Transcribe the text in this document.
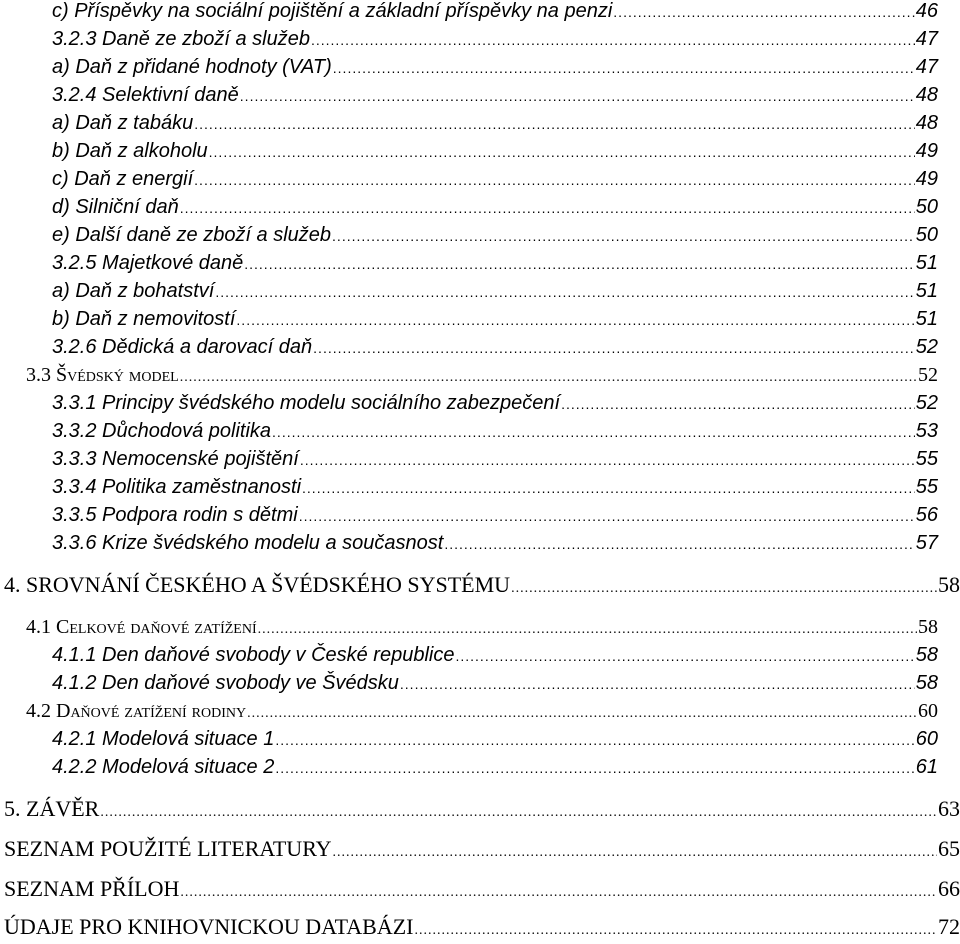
c) Příspěvky na sociální pojištění a základní příspěvky na penzi .....	46
3.2.3 Daně ze zboží a služeb .....	47
a) Daň z přidané hodnoty (VAT) .....	47
3.2.4 Selektivní daně .....	48
a) Daň z tabáku .....	48
b) Daň z alkoholu .....	49
c) Daň z energií .....	49
d) Silniční daň .....	50
e) Další daně ze zboží a služeb .....	50
3.2.5 Majetkové daně .....	51
a) Daň z bohatství .....	51
b) Daň z nemovitostí .....	51
3.2.6 Dědická a darovací daň .....	52
3.3 Švédský model .....	52
3.3.1 Principy švédského modelu sociálního zabezpečení .....	52
3.3.2 Důchodová politika .....	53
3.3.3 Nemocenské pojištění .....	55
3.3.4 Politika zaměstnanosti .....	55
3.3.5 Podpora rodin s dětmi .....	56
3.3.6 Krize švédského modelu a současnost .....	57
4. SROVNÁNÍ ČESKÉHO A ŠVÉDSKÉHO SYSTÉMU .....	58
4.1 Celkové daňové zatížení .....	58
4.1.1 Den daňové svobody v České republice .....	58
4.1.2 Den daňové svobody ve Švédsku .....	58
4.2 Daňové zatížení rodiny .....	60
4.2.1 Modelová situace 1 .....	60
4.2.2 Modelová situace 2 .....	61
5. ZÁVĚR .....	63
SEZNAM POUŽITÉ LITERATURY .....	65
SEZNAM PŘÍLOH .....	66
ÚDAJE PRO KNIHOVNICKOU DATABÁZI .....	72
